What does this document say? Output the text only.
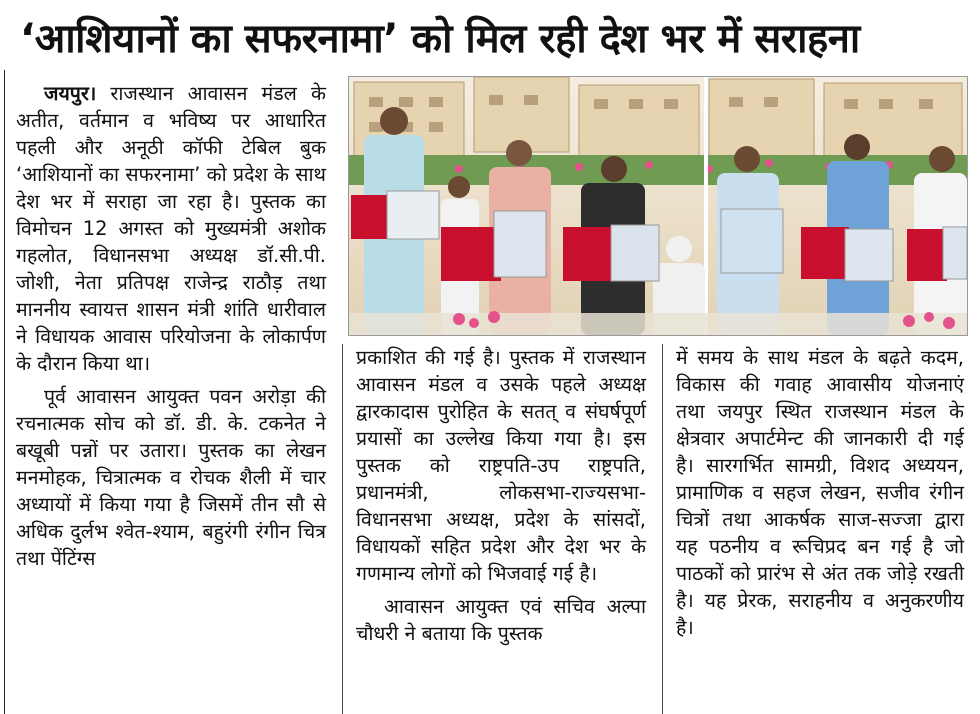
‘आशियानों का सफरनामा’ को मिल रही देश भर में सराहना

जयपुर। राजस्थान आवासन मंडल के अतीत, वर्तमान व भविष्य पर आधारित पहली और अनूठी कॉफी टेबिल बुक ‘आशियानों का सफरनामा’ को प्रदेश के साथ देश भर में सराहा जा रहा है। पुस्तक का विमोचन 12 अगस्त को मुख्यमंत्री अशोक गहलोत, विधानसभा अध्यक्ष डॉ.सी.पी. जोशी, नेता प्रतिपक्ष राजेन्द्र राठौड़ तथा माननीय स्वायत्त शासन मंत्री शांति धारीवाल ने विधायक आवास परियोजना के लोकार्पण के दौरान किया था।

पूर्व आवासन आयुक्त पवन अरोड़ा की रचनात्मक सोच को डॉ. डी. के. टकनेत ने बखूबी पन्नों पर उतारा। पुस्तक का लेखन मनमोहक, चित्रात्मक व रोचक शैली में चार अध्यायों में किया गया है जिसमें तीन सौ से अधिक दुर्लभ श्वेत-श्याम, बहुरंगी रंगीन चित्र तथा पेंटिंग्स

प्रकाशित की गई है। पुस्तक में राजस्थान आवासन मंडल व उसके पहले अध्यक्ष द्वारकादास पुरोहित के सतत् व संघर्षपूर्ण प्रयासों का उल्लेख किया गया है। इस पुस्तक को राष्ट्रपति-उप राष्ट्रपति, प्रधानमंत्री, लोकसभा-राज्यसभा-विधानसभा अध्यक्ष, प्रदेश के सांसदों, विधायकों सहित प्रदेश और देश भर के गणमान्य लोगों को भिजवाई गई है।

आवासन आयुक्त एवं सचिव अल्पा चौधरी ने बताया कि पुस्तक

में समय के साथ मंडल के बढ़ते कदम, विकास की गवाह आवासीय योजनाएं तथा जयपुर स्थित राजस्थान मंडल के क्षेत्रवार अपार्टमेन्ट की जानकारी दी गई है। सारगर्भित सामग्री, विशद अध्ययन, प्रामाणिक व सहज लेखन, सजीव रंगीन चित्रों तथा आकर्षक साज-सज्जा द्वारा यह पठनीय व रूचिप्रद बन गई है जो पाठकों को प्रारंभ से अंत तक जोड़े रखती है। यह प्रेरक, सराहनीय व अनुकरणीय है।
